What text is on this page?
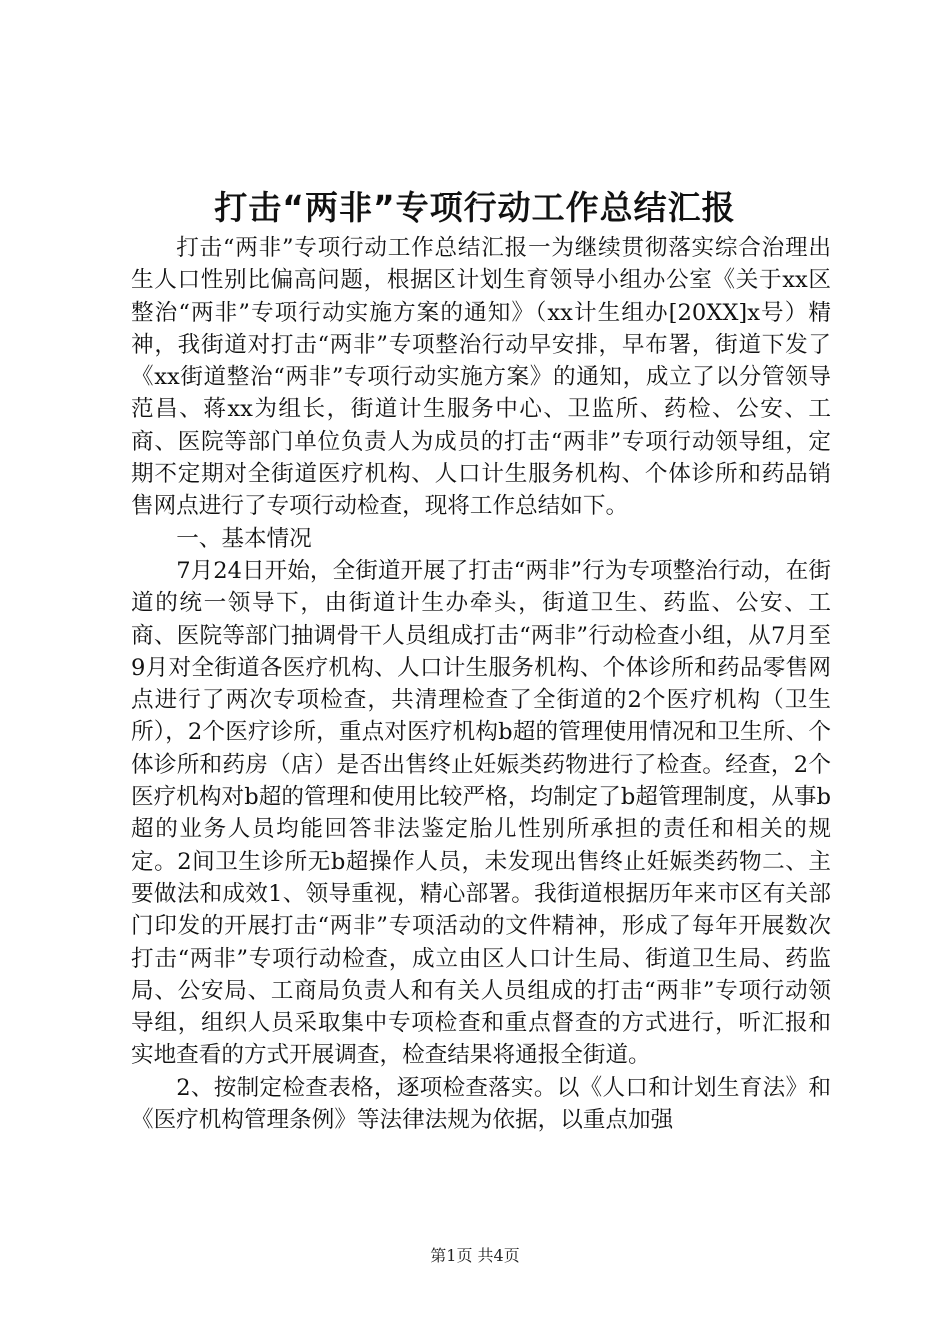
打击“两非”专项行动工作总结汇报

打击“两非”专项行动工作总结汇报一为继续贯彻落实综合治理出生人口性别比偏高问题，根据区计划生育领导小组办公室《关于xx区整治“两非”专项行动实施方案的通知》（xx计生组办[20XX]x号）精神，我街道对打击“两非”专项整治行动早安排，早布署，街道下发了《xx街道整治“两非”专项行动实施方案》的通知，成立了以分管领导范昌、蒋xx为组长，街道计生服务中心、卫监所、药检、公安、工商、医院等部门单位负责人为成员的打击“两非”专项行动领导组，定期不定期对全街道医疗机构、人口计生服务机构、个体诊所和药品销售网点进行了专项行动检查，现将工作总结如下。

一、基本情况

7月24日开始，全街道开展了打击“两非”行为专项整治行动，在街道的统一领导下，由街道计生办牵头，街道卫生、药监、公安、工商、医院等部门抽调骨干人员组成打击“两非”行动检查小组，从7月至9月对全街道各医疗机构、人口计生服务机构、个体诊所和药品零售网点进行了两次专项检查，共清理检查了全街道的2个医疗机构（卫生所），2个医疗诊所，重点对医疗机构b超的管理使用情况和卫生所、个体诊所和药房（店）是否出售终止妊娠类药物进行了检查。经查，2个医疗机构对b超的管理和使用比较严格，均制定了b超管理制度，从事b超的业务人员均能回答非法鉴定胎儿性别所承担的责任和相关的规定。2间卫生诊所无b超操作人员，未发现出售终止妊娠类药物二、主要做法和成效1、领导重视，精心部署。我街道根据历年来市区有关部门印发的开展打击“两非”专项活动的文件精神，形成了每年开展数次打击“两非”专项行动检查，成立由区人口计生局、街道卫生局、药监局、公安局、工商局负责人和有关人员组成的打击“两非”专项行动领导组，组织人员采取集中专项检查和重点督查的方式进行，听汇报和实地查看的方式开展调查，检查结果将通报全街道。

2、按制定检查表格，逐项检查落实。以《人口和计划生育法》和《医疗机构管理条例》等法律法规为依据，以重点加强

第1页 共4页
